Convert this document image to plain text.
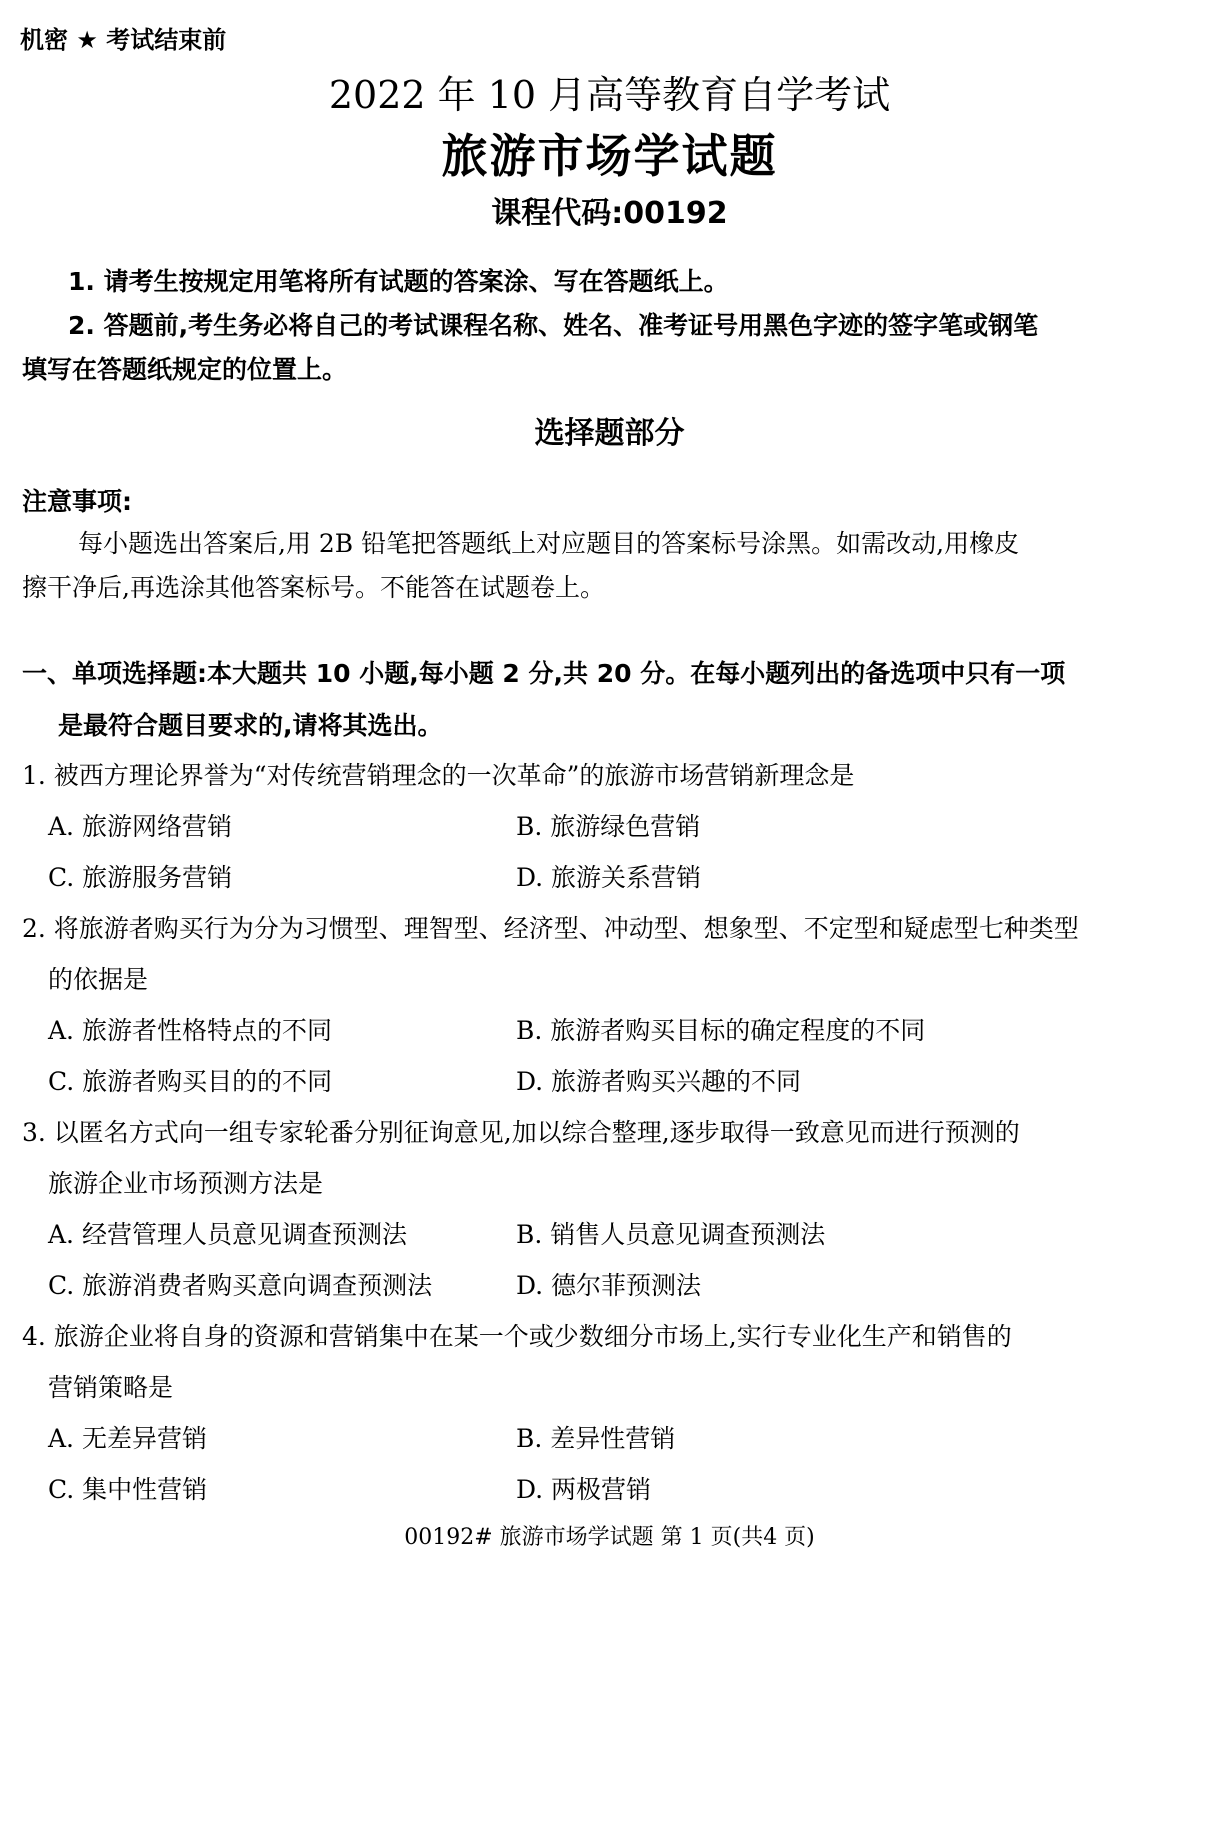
机密 ★ 考试结束前
2022 年 10 月高等教育自学考试
旅游市场学试题
课程代码:00192
1. 请考生按规定用笔将所有试题的答案涂、写在答题纸上。
2. 答题前,考生务必将自己的考试课程名称、姓名、准考证号用黑色字迹的签字笔或钢笔
填写在答题纸规定的位置上。
选择题部分
注意事项:
每小题选出答案后,用 2B 铅笔把答题纸上对应题目的答案标号涂黑。如需改动,用橡皮
擦干净后,再选涂其他答案标号。不能答在试题卷上。
一、单项选择题:本大题共 10 小题,每小题 2 分,共 20 分。在每小题列出的备选项中只有一项
是最符合题目要求的,请将其选出。
1. 被西方理论界誉为“对传统营销理念的一次革命”的旅游市场营销新理念是
A. 旅游网络营销	B. 旅游绿色营销
C. 旅游服务营销	D. 旅游关系营销
2. 将旅游者购买行为分为习惯型、理智型、经济型、冲动型、想象型、不定型和疑虑型七种类型
的依据是
A. 旅游者性格特点的不同	B. 旅游者购买目标的确定程度的不同
C. 旅游者购买目的的不同	D. 旅游者购买兴趣的不同
3. 以匿名方式向一组专家轮番分别征询意见,加以综合整理,逐步取得一致意见而进行预测的
旅游企业市场预测方法是
A. 经营管理人员意见调查预测法	B. 销售人员意见调查预测法
C. 旅游消费者购买意向调查预测法	D. 德尔菲预测法
4. 旅游企业将自身的资源和营销集中在某一个或少数细分市场上,实行专业化生产和销售的
营销策略是
A. 无差异营销	B. 差异性营销
C. 集中性营销	D. 两极营销
00192# 旅游市场学试题 第 1 页(共4 页)
